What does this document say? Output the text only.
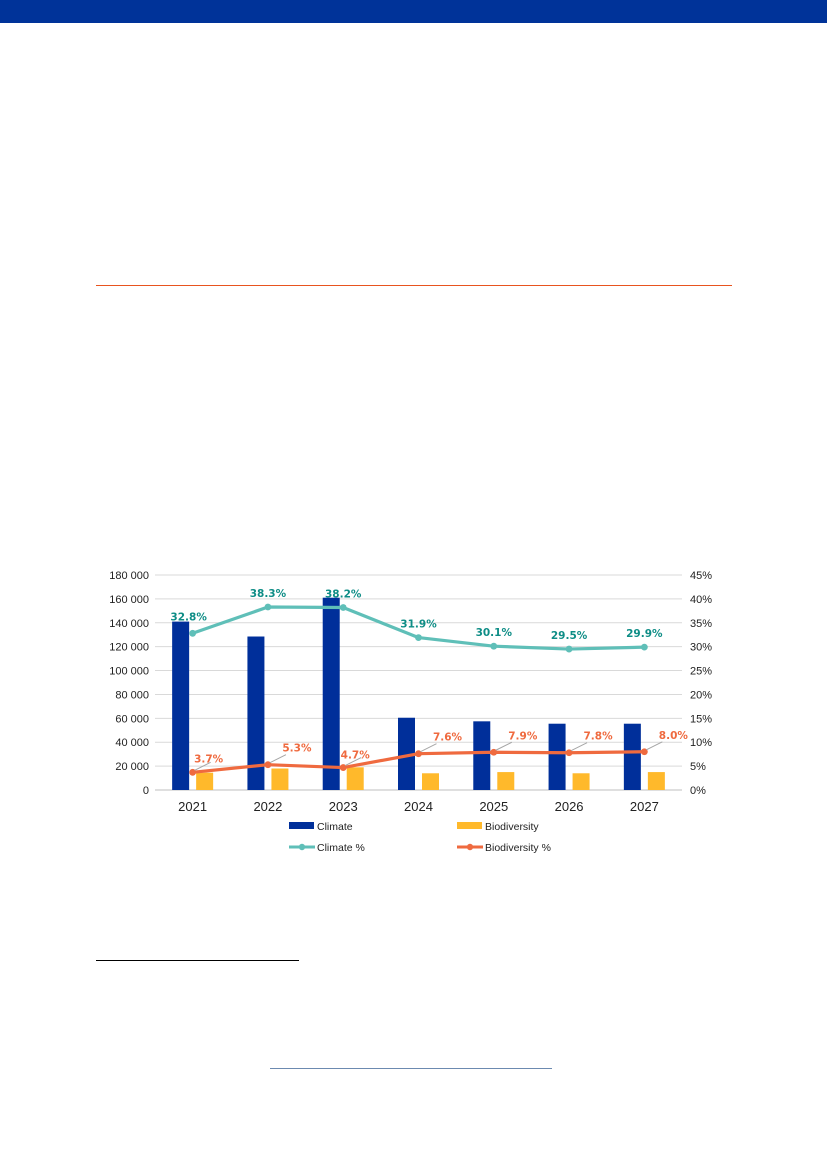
0
20 000
40 000
60 000
80 000
100 000
120 000
140 000
160 000
180 000
0%
5%
10%
15%
20%
25%
30%
35%
40%
45%
2021	2022	2023	2024	2025	2026	2027
32.8%
38.3%	38.2%
31.9%
30.1%	29.5%	29.9%
3.7%
5.3%
4.7%
7.6%	7.9%	7.8%	8.0%
Climate	Biodiversity
Climate %	Biodiversity %
